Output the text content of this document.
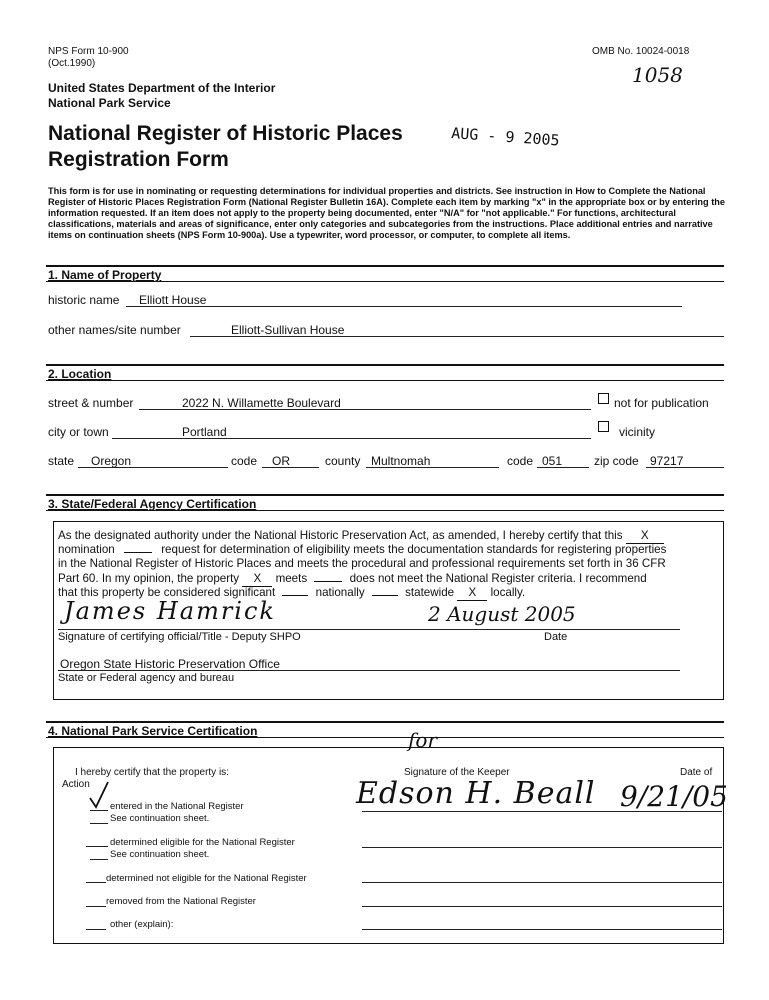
NPS Form 10-900
(Oct.1990)
OMB No. 10024-0018
1058
United States Department of the Interior
National Park Service
National Register of Historic Places
Registration Form
AUG - 9 2005
This form is for use in nominating or requesting determinations for individual properties and districts. See instruction in How to Complete the National Register of Historic Places Registration Form (National Register Bulletin 16A). Complete each item by marking "x" in the appropriate box or by entering the information requested. If an item does not apply to the property being documented, enter "N/A" for "not applicable." For functions, architectural classifications, materials and areas of significance, enter only categories and subcategories from the instructions. Place additional entries and narrative items on continuation sheets (NPS Form 10-900a). Use a typewriter, word processor, or computer, to complete all items.
1. Name of Property
historic name Elliott House
other names/site number	Elliott-Sullivan House
2. Location
street & number	2022 N. Willamette Boulevard	not for publication
city or town	Portland	vicinity
state Oregon	code OR	county Multnomah	code 051	zip code 97217
3. State/Federal Agency Certification
As the designated authority under the National Historic Preservation Act, as amended, I hereby certify that this X
nomination	request for determination of eligibility meets the documentation standards for registering properties
in the National Register of Historic Places and meets the procedural and professional requirements set forth in 36 CFR
Part 60. In my opinion, the property X meets	does not meet the National Register criteria. I recommend
that this property be considered significant	nationally	statewide X locally.
James Hamrick	2 August 2005
Signature of certifying official/Title - Deputy SHPO	Date
Oregon State Historic Preservation Office
State or Federal agency and bureau
4. National Park Service Certification
I hereby certify that the property is:
Action
for
Signature of the Keeper	Date of
Edson H. Beall 9/21/05
entered in the National Register
See continuation sheet.
determined eligible for the National Register
See continuation sheet.
determined not eligible for the National Register
removed from the National Register
other (explain):
